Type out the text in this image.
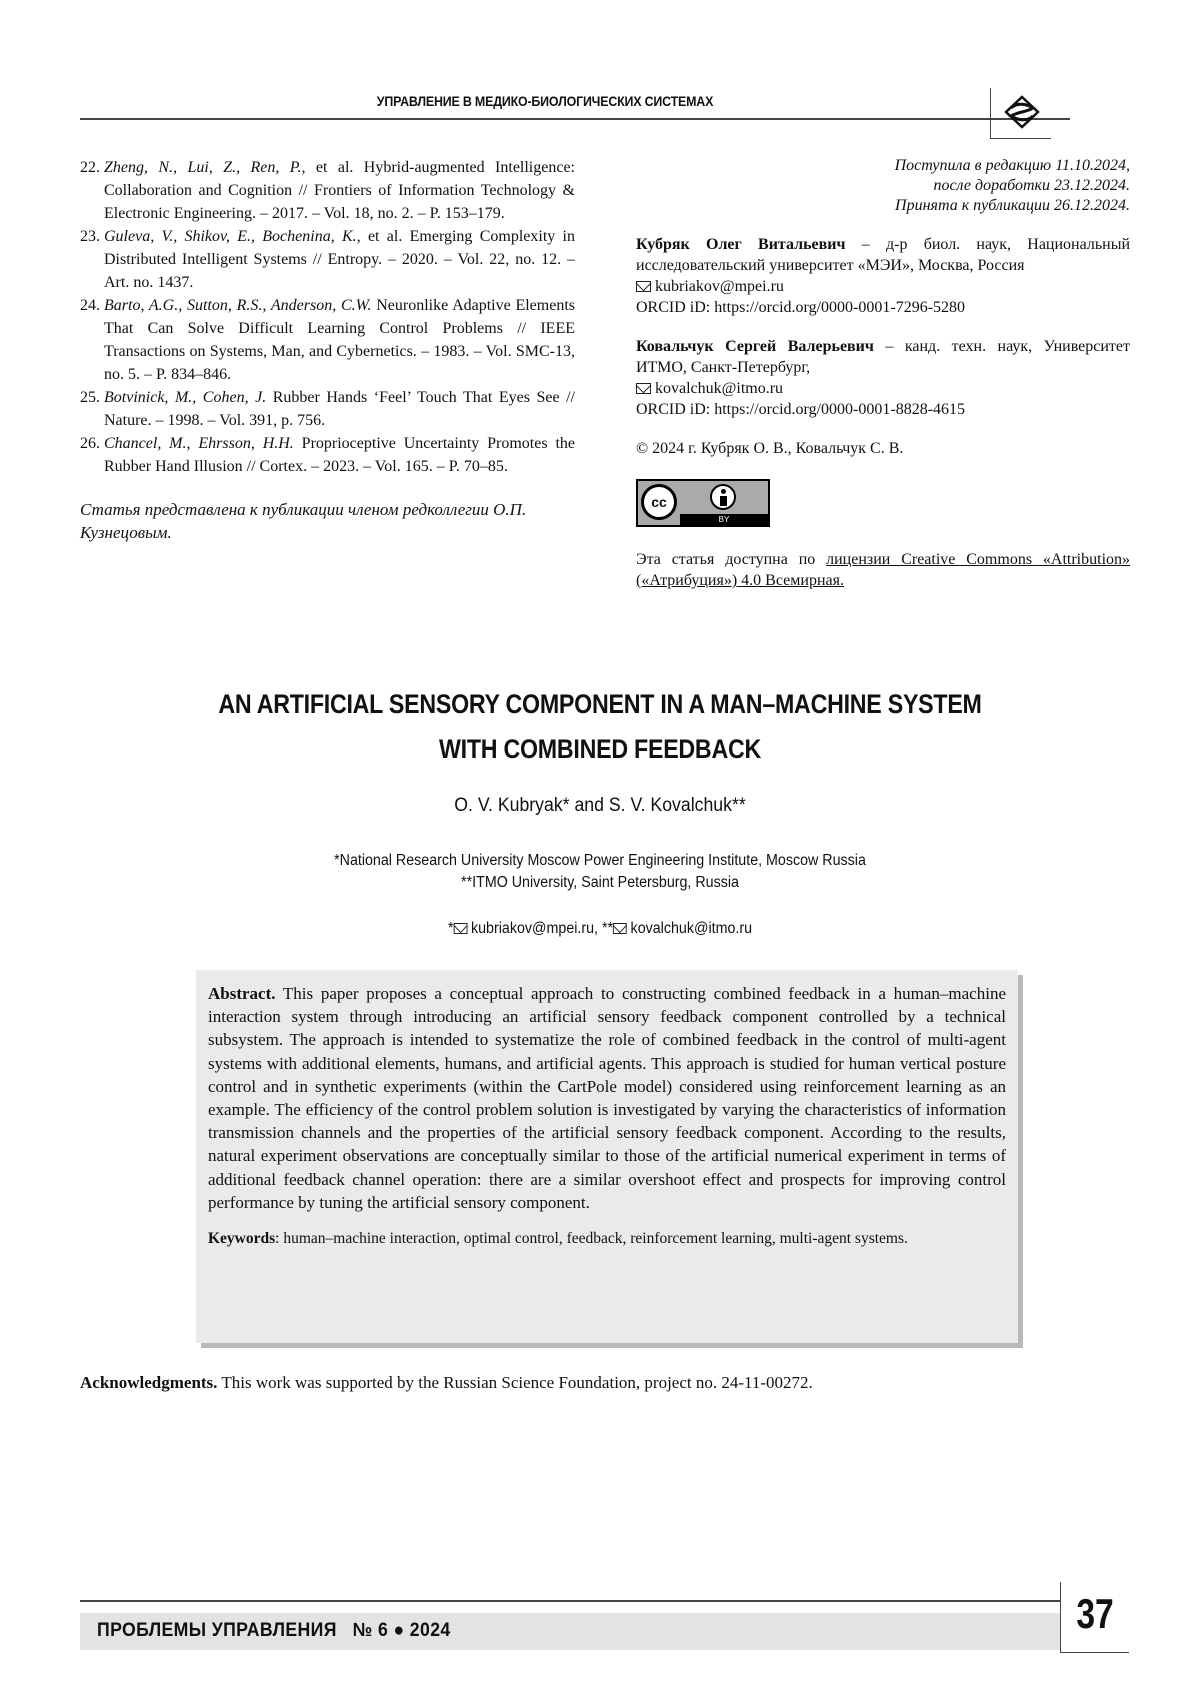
УПРАВЛЕНИЕ В МЕДИКО-БИОЛОГИЧЕСКИХ СИСТЕМАХ
22. Zheng, N., Lui, Z., Ren, P., et al. Hybrid-augmented Intelligence: Collaboration and Cognition // Frontiers of Information Technology & Electronic Engineering. – 2017. – Vol. 18, no. 2. – P. 153–179.
23. Guleva, V., Shikov, E., Bochenina, K., et al. Emerging Complexity in Distributed Intelligent Systems // Entropy. – 2020. – Vol. 22, no. 12. – Art. no. 1437.
24. Barto, A.G., Sutton, R.S., Anderson, C.W. Neuronlike Adaptive Elements That Can Solve Difficult Learning Control Problems // IEEE Transactions on Systems, Man, and Cybernetics. – 1983. – Vol. SMC-13, no. 5. – P. 834–846.
25. Botvinick, M., Cohen, J. Rubber Hands ‘Feel’ Touch That Eyes See // Nature. – 1998. – Vol. 391, p. 756.
26. Chancel, M., Ehrsson, H.H. Proprioceptive Uncertainty Promotes the Rubber Hand Illusion // Cortex. – 2023. – Vol. 165. – P. 70–85.
Статья представлена к публикации членом редколлегии О.П. Кузнецовым.
Поступила в редакцию 11.10.2024,
после доработки 23.12.2024.
Принята к публикации 26.12.2024.
Кубряк Олег Витальевич – д-р биол. наук, Национальный исследовательский университет «МЭИ», Москва, Россия
kubriakov@mpei.ru
ORCID iD: https://orcid.org/0000-0001-7296-5280
Ковальчук Сергей Валерьевич – канд. техн. наук, Университет ИТМО, Санкт-Петербург,
kovalchuk@itmo.ru
ORCID iD: https://orcid.org/0000-0001-8828-4615
© 2024 г. Кубряк О. В., Ковальчук С. В.
cc
BY
Эта статья доступна по лицензии Creative Commons «Attribution» («Атрибуция») 4.0 Всемирная.
AN ARTIFICIAL SENSORY COMPONENT IN A MAN–MACHINE SYSTEM
WITH COMBINED FEEDBACK
O. V. Kubryak* and S. V. Kovalchuk**
*National Research University Moscow Power Engineering Institute, Moscow Russia
**ITMO University, Saint Petersburg, Russia
* kubriakov@mpei.ru, ** kovalchuk@itmo.ru

Abstract. This paper proposes a conceptual approach to constructing combined feedback in a human–machine interaction system through introducing an artificial sensory feedback component controlled by a technical subsystem. The approach is intended to systematize the role of combined feedback in the control of multi-agent systems with additional elements, humans, and artificial agents. This approach is studied for human vertical posture control and in synthetic experiments (within the CartPole model) considered using reinforcement learning as an example. The efficiency of the control problem solution is investigated by varying the characteristics of information transmission channels and the properties of the artificial sensory feedback component. According to the results, natural experiment observations are conceptually similar to those of the artificial numerical experiment in terms of additional feedback channel operation: there are a similar overshoot effect and prospects for improving control performance by tuning the artificial sensory component.

Keywords: human–machine interaction, optimal control, feedback, reinforcement learning, multi-agent systems.

Acknowledgments. This work was supported by the Russian Science Foundation, project no. 24-11-00272.
ПРОБЛЕМЫ УПРАВЛЕНИЯ   № 6 ● 2024	37
